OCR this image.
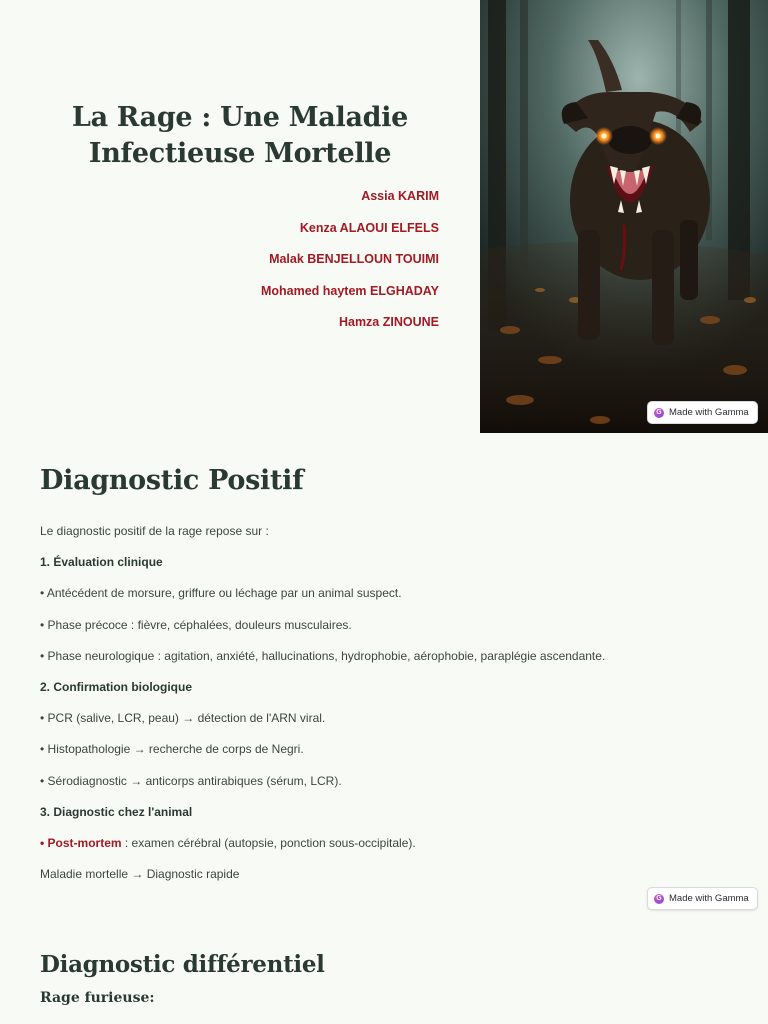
La Rage : Une Maladie
Infectieuse Mortelle
Assia KARIM
Kenza ALAOUI ELFELS
Malak BENJELLOUN TOUIMI
Mohamed haytem ELGHADAY
Hamza ZINOUNE
G Made with Gamma
Diagnostic Positif
Le diagnostic positif de la rage repose sur :
1. Évaluation clinique
• Antécédent de morsure, griffure ou léchage par un animal suspect.
• Phase précoce : fièvre, céphalées, douleurs musculaires.
• Phase neurologique : agitation, anxiété, hallucinations, hydrophobie, aérophobie, paraplégie ascendante.
2. Confirmation biologique
• PCR (salive, LCR, peau) → détection de l'ARN viral.
• Histopathologie → recherche de corps de Negri.
• Sérodiagnostic → anticorps antirabiques (sérum, LCR).
3. Diagnostic chez l'animal
• Post-mortem : examen cérébral (autopsie, ponction sous-occipitale).
Maladie mortelle → Diagnostic rapide
G Made with Gamma
Diagnostic différentiel
Rage furieuse:
